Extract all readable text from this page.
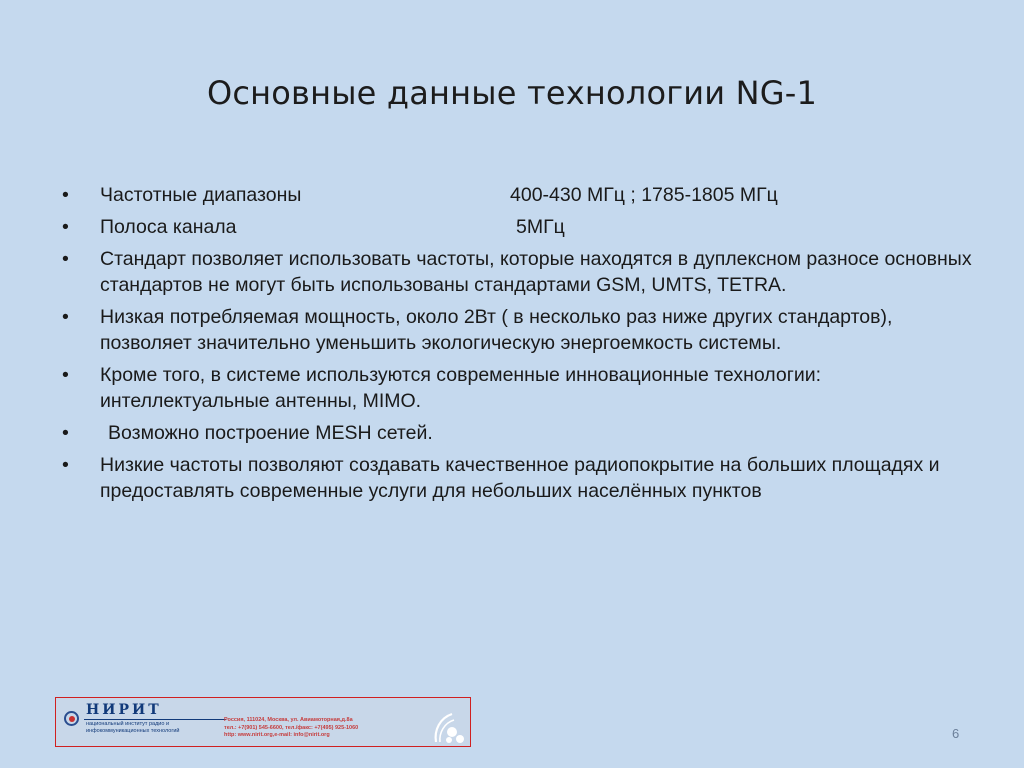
Основные данные технологии NG-1
•	Частотные диапазоны	400-430 МГц ; 1785-1805 МГц
•	Полоса канала	5МГц
•	Стандарт позволяет использовать частоты, которые находятся в дуплексном разносе основных стандартов не могут быть использованы стандартами GSM, UMTS, TETRA.
•	Низкая потребляемая мощность, около 2Вт ( в несколько раз ниже других стандартов), позволяет значительно уменьшить экологическую энергоемкость системы.
•	Кроме того, в системе используются современные инновационные технологии: интеллектуальные антенны, MIMO.
•	Возможно построение MESH сетей.
•	Низкие частоты позволяют создавать качественное радиопокрытие на больших площадях и предоставлять современные услуги для небольших населённых пунктов
НИРИТ
национальный институт радио и
инфокоммуникационных технологий
Россия, 111024, Москва, ул. Авиамоторная,д.8а
тел.: +7(901) 545-6600, тел./факс: +7(495) 925-1060
http: www.nirit.org,e-mail: info@nirit.org	6
